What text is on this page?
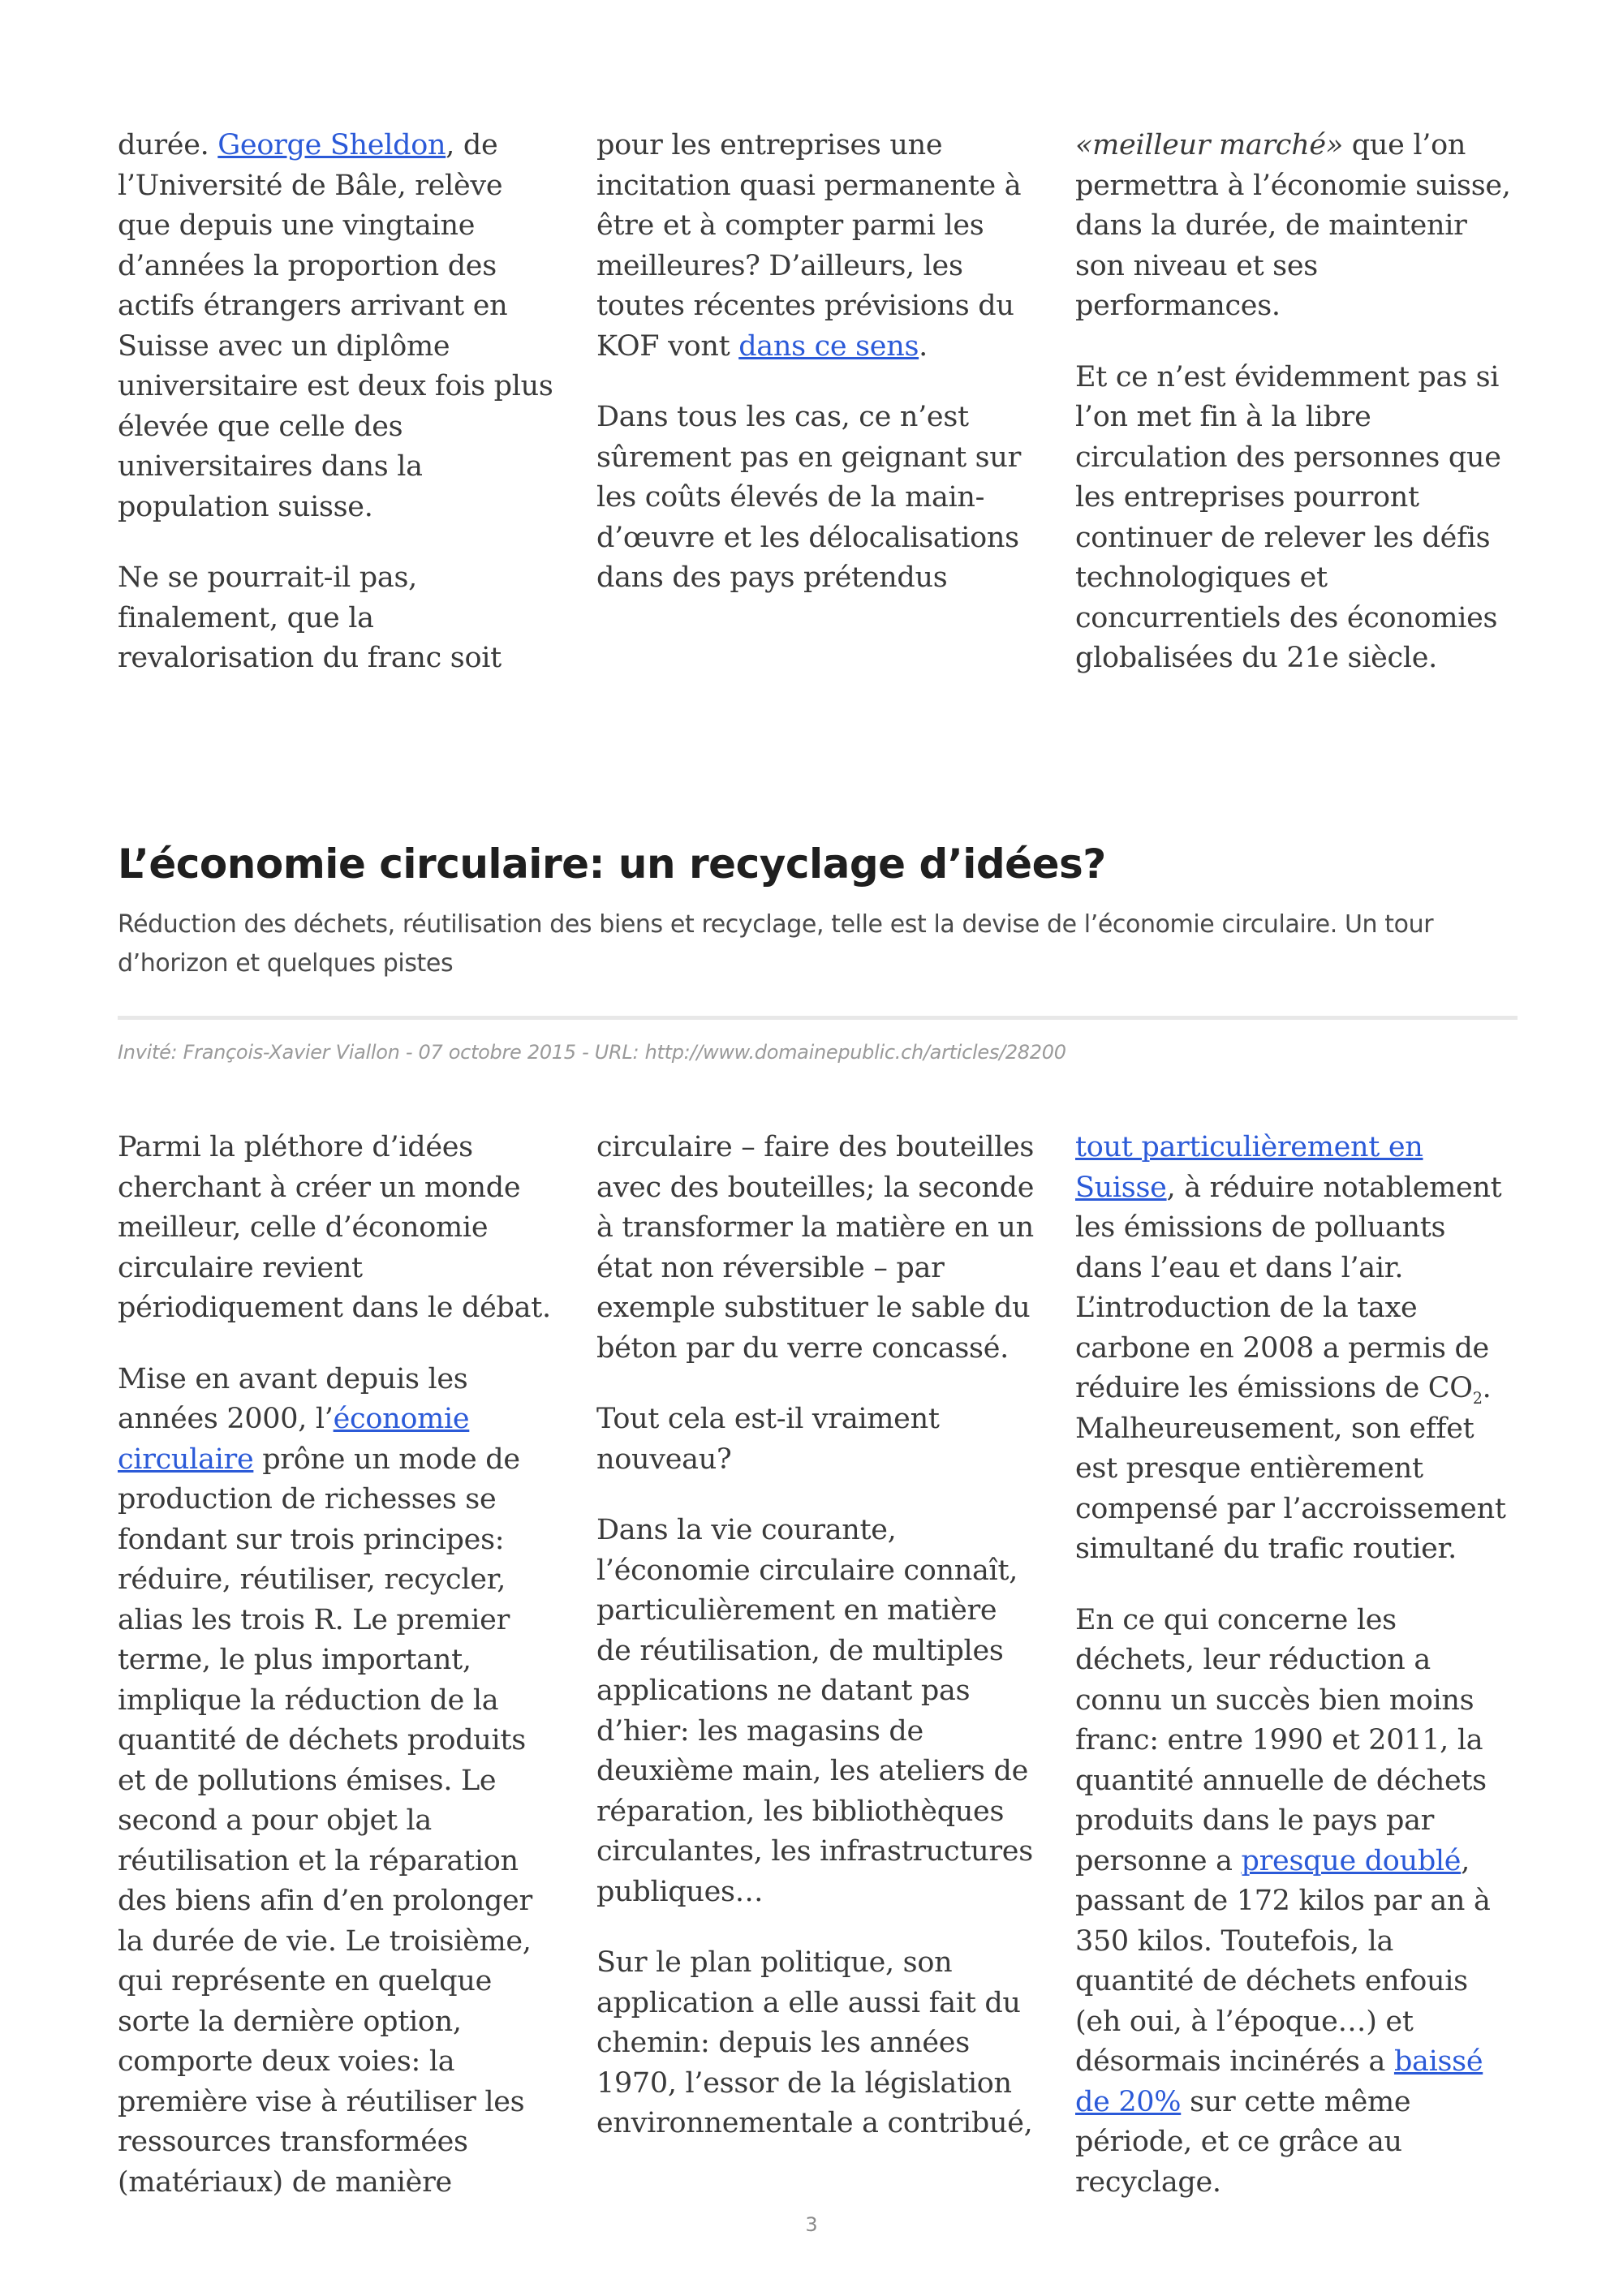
durée. George Sheldon, de l’Université de Bâle, relève que depuis une vingtaine d’années la proportion des actifs étrangers arrivant en Suisse avec un diplôme universitaire est deux fois plus élevée que celle des universitaires dans la population suisse.

Ne se pourrait-il pas, finalement, que la revalorisation du franc soit

pour les entreprises une incitation quasi permanente à être et à compter parmi les meilleures? D’ailleurs, les toutes récentes prévisions du KOF vont dans ce sens.

Dans tous les cas, ce n’est sûrement pas en geignant sur les coûts élevés de la main-d’œuvre et les délocalisations dans des pays prétendus

«meilleur marché» que l’on permettra à l’économie suisse, dans la durée, de maintenir son niveau et ses performances.

Et ce n’est évidemment pas si l’on met fin à la libre circulation des personnes que les entreprises pourront continuer de relever les défis technologiques et concurrentiels des économies globalisées du 21e siècle.

L’économie circulaire: un recyclage d’idées?

Réduction des déchets, réutilisation des biens et recyclage, telle est la devise de l’économie circulaire. Un tour d’horizon et quelques pistes

Invité: François-Xavier Viallon - 07 octobre 2015 - URL: http://www.domainepublic.ch/articles/28200

Parmi la pléthore d’idées cherchant à créer un monde meilleur, celle d’économie circulaire revient périodiquement dans le débat.

Mise en avant depuis les années 2000, l’économie circulaire prône un mode de production de richesses se fondant sur trois principes: réduire, réutiliser, recycler, alias les trois R. Le premier terme, le plus important, implique la réduction de la quantité de déchets produits et de pollutions émises. Le second a pour objet la réutilisation et la réparation des biens afin d’en prolonger la durée de vie. Le troisième, qui représente en quelque sorte la dernière option, comporte deux voies: la première vise à réutiliser les ressources transformées (matériaux) de manière

circulaire – faire des bouteilles avec des bouteilles; la seconde à transformer la matière en un état non réversible – par exemple substituer le sable du béton par du verre concassé.

Tout cela est-il vraiment nouveau?

Dans la vie courante, l’économie circulaire connaît, particulièrement en matière de réutilisation, de multiples applications ne datant pas d’hier: les magasins de deuxième main, les ateliers de réparation, les bibliothèques circulantes, les infrastructures publiques…

Sur le plan politique, son application a elle aussi fait du chemin: depuis les années 1970, l’essor de la législation environnementale a contribué,

tout particulièrement en Suisse, à réduire notablement les émissions de polluants dans l’eau et dans l’air. L’introduction de la taxe carbone en 2008 a permis de réduire les émissions de $CO_2$. Malheureusement, son effet est presque entièrement compensé par l’accroissement simultané du trafic routier.

En ce qui concerne les déchets, leur réduction a connu un succès bien moins franc: entre 1990 et 2011, la quantité annuelle de déchets produits dans le pays par personne a presque doublé, passant de 172 kilos par an à 350 kilos. Toutefois, la quantité de déchets enfouis (eh oui, à l’époque…) et désormais incinérés a baissé de 20% sur cette même période, et ce grâce au recyclage.

3
